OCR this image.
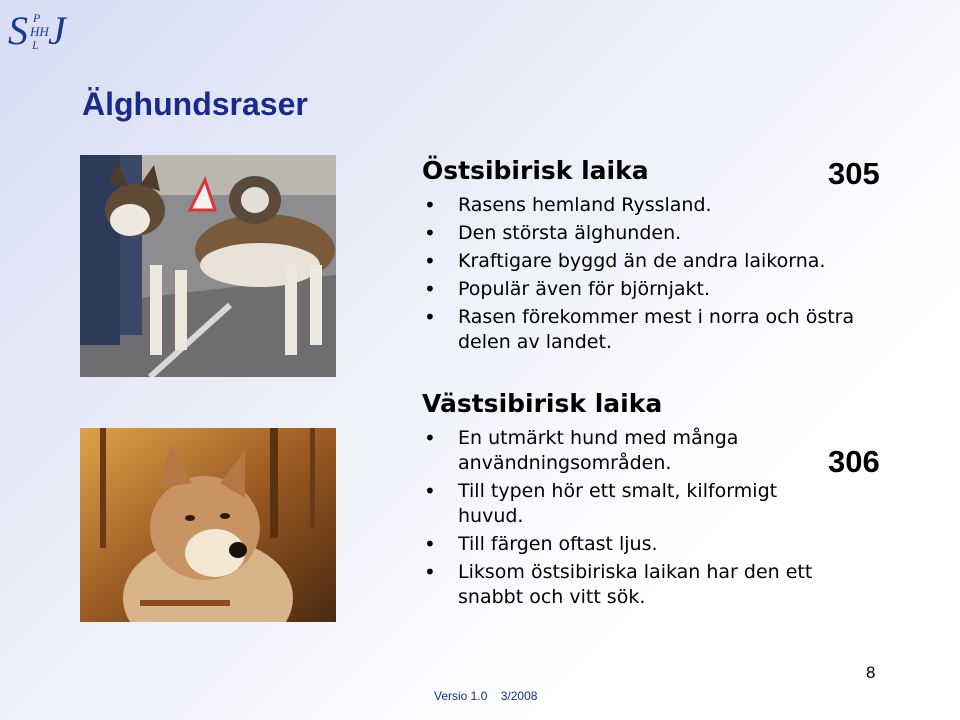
S P
HH
L J
Älghundsraser
Östsibirisk laika
• Rasens hemland Ryssland.
• Den största älghunden.
• Kraftigare byggd än de andra laikorna.
• Populär även för björnjakt.
• Rasen förekommer mest i norra och östra delen av landet.
305
Västsibirisk laika
• En utmärkt hund med många användningsområden.
• Till typen hör ett smalt, kilformigt huvud.
• Till färgen oftast ljus.
• Liksom östsibiriska laikan har den ett snabbt och vitt sök.
306
8
Versio 1.0 3/2008
